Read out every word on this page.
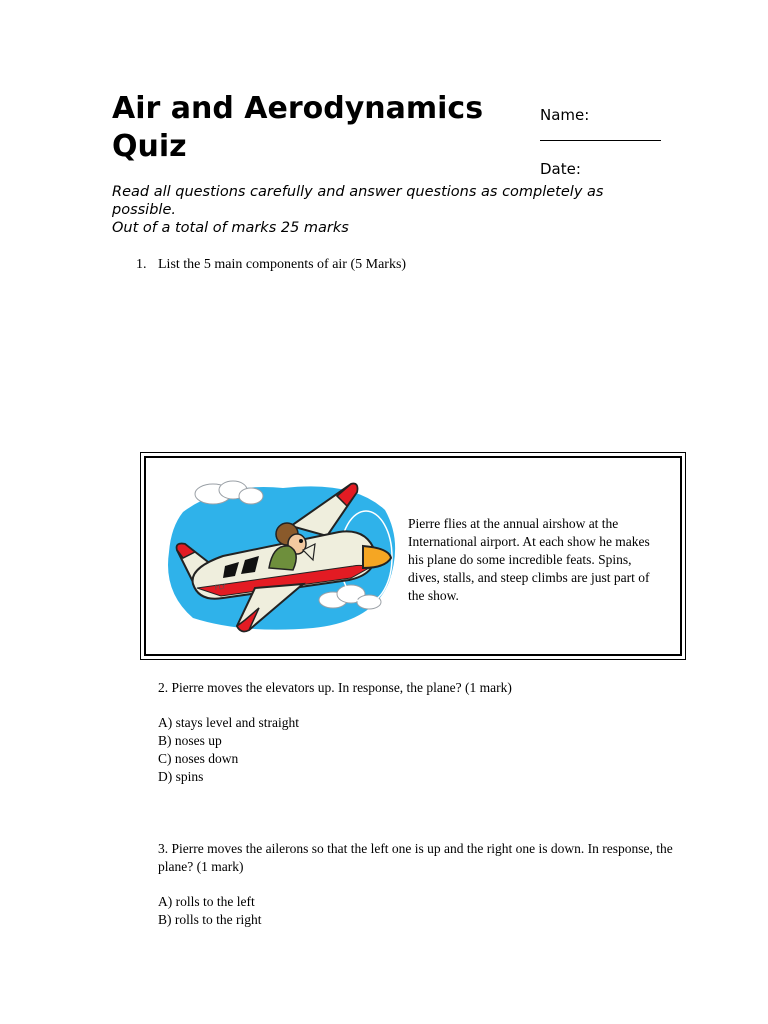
Air and Aerodynamics
Quiz
Name:
Date:

Read all questions carefully and answer questions as completely as possible.

Out of a total of marks 25 marks

1. List the 5 main components of air (5 Marks)
FLY
Pierre flies at the annual airshow at the International airport. At each show he makes his plane do some incredible feats. Spins, dives, stalls, and steep climbs are just part of the show.

2. Pierre moves the elevators up. In response, the plane? (1 mark)

A) stays level and straight
B) noses up
C) noses down
D) spins

3. Pierre moves the ailerons so that the left one is up and the right one is down. In response, the plane? (1 mark)

A) rolls to the left
B) rolls to the right
